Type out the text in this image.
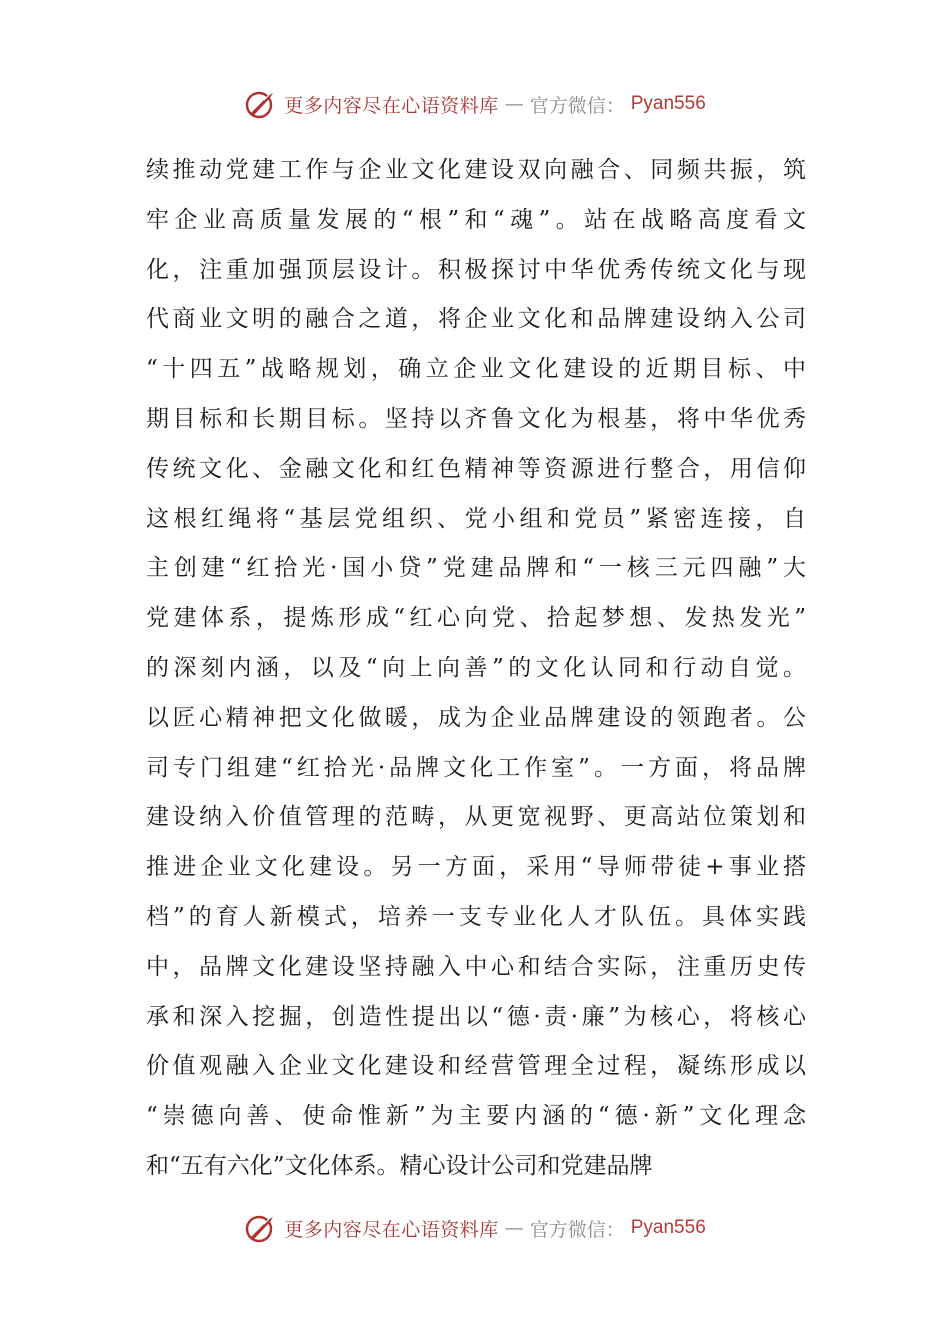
更多内容尽在心语资料库 — 官方微信： Pyan556
续推动党建工作与企业文化建设双向融合、同频共振，筑
牢企业高质量发展的“根”和“魂”。站在战略高度看文
化，注重加强顶层设计。积极探讨中华优秀传统文化与现
代商业文明的融合之道，将企业文化和品牌建设纳入公司
“十四五”战略规划，确立企业文化建设的近期目标、中
期目标和长期目标。坚持以齐鲁文化为根基，将中华优秀
传统文化、金融文化和红色精神等资源进行整合，用信仰
这根红绳将“基层党组织、党小组和党员”紧密连接，自
主创建“红拾光·国小贷”党建品牌和“一核三元四融”大
党建体系，提炼形成“红心向党、拾起梦想、发热发光”
的深刻内涵，以及“向上向善”的文化认同和行动自觉。
以匠心精神把文化做暖，成为企业品牌建设的领跑者。公
司专门组建“红拾光·品牌文化工作室”。一方面，将品牌
建设纳入价值管理的范畴，从更宽视野、更高站位策划和
推进企业文化建设。另一方面，采用“导师带徒+事业搭
档”的育人新模式，培养一支专业化人才队伍。具体实践
中，品牌文化建设坚持融入中心和结合实际，注重历史传
承和深入挖掘，创造性提出以“德·责·廉”为核心，将核心
价值观融入企业文化建设和经营管理全过程，凝练形成以
“崇德向善、使命惟新”为主要内涵的“德·新”文化理念
和“五有六化”文化体系。精心设计公司和党建品牌
更多内容尽在心语资料库 — 官方微信： Pyan556
